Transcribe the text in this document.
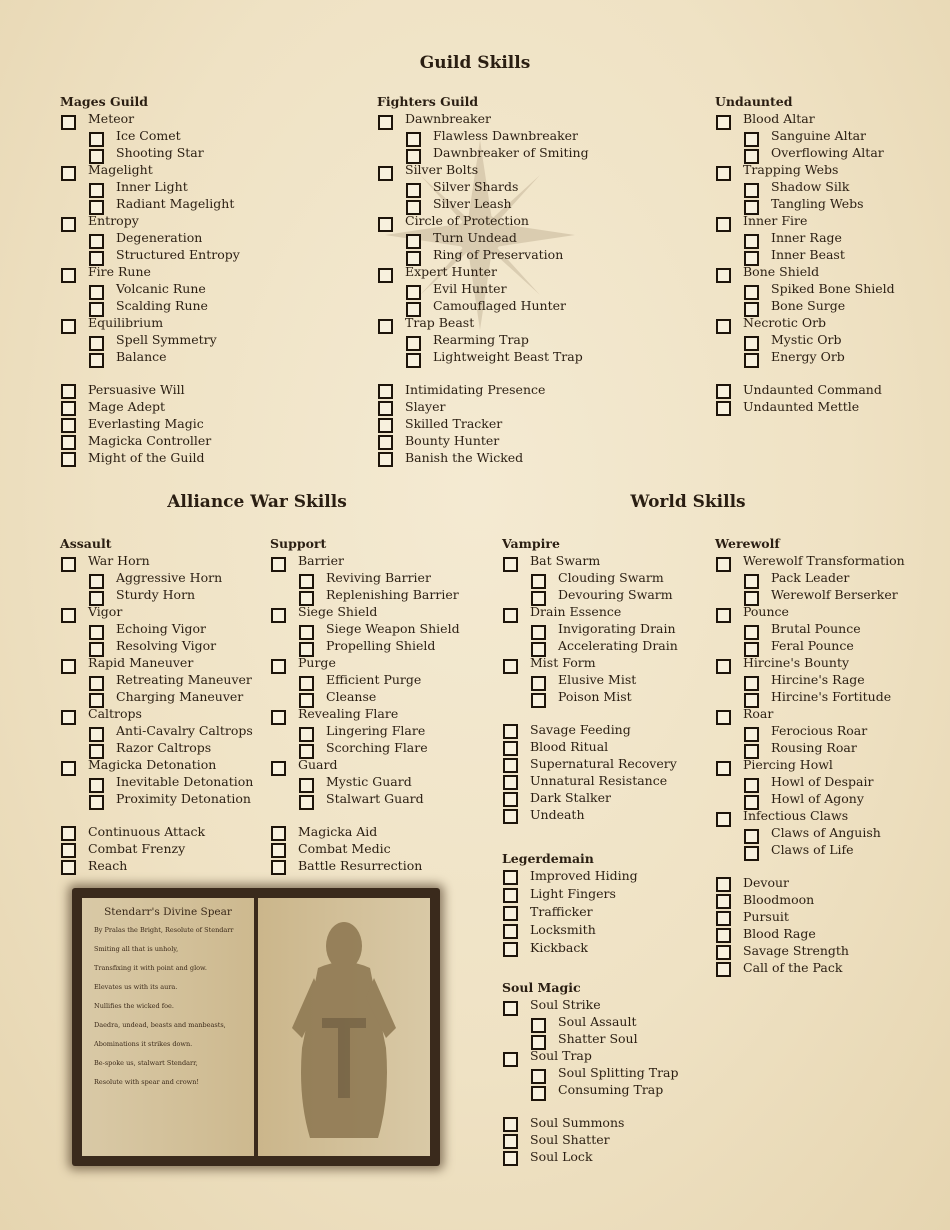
Guild Skills
Alliance War Skills	World Skills
Mages Guild
Meteor
Ice Comet
Shooting Star
Magelight
Inner Light
Radiant Magelight
Entropy
Degeneration
Structured Entropy
Fire Rune
Volcanic Rune
Scalding Rune
Equilibrium
Spell Symmetry
Balance
Persuasive Will
Mage Adept
Everlasting Magic
Magicka Controller
Might of the Guild
Fighters Guild
Dawnbreaker
Flawless Dawnbreaker
Dawnbreaker of Smiting
Silver Bolts
Silver Shards
Silver Leash
Circle of Protection
Turn Undead
Ring of Preservation
Expert Hunter
Evil Hunter
Camouflaged Hunter
Trap Beast
Rearming Trap
Lightweight Beast Trap
Intimidating Presence
Slayer
Skilled Tracker
Bounty Hunter
Banish the Wicked
Undaunted
Blood Altar
Sanguine Altar
Overflowing Altar
Trapping Webs
Shadow Silk
Tangling Webs
Inner Fire
Inner Rage
Inner Beast
Bone Shield
Spiked Bone Shield
Bone Surge
Necrotic Orb
Mystic Orb
Energy Orb
Undaunted Command
Undaunted Mettle
Assault
War Horn
Aggressive Horn
Sturdy Horn
Vigor
Echoing Vigor
Resolving Vigor
Rapid Maneuver
Retreating Maneuver
Charging Maneuver
Caltrops
Anti-Cavalry Caltrops
Razor Caltrops
Magicka Detonation
Inevitable Detonation
Proximity Detonation
Continuous Attack
Combat Frenzy
Reach
Support
Barrier
Reviving Barrier
Replenishing Barrier
Siege Shield
Siege Weapon Shield
Propelling Shield
Purge
Efficient Purge
Cleanse
Revealing Flare
Lingering Flare
Scorching Flare
Guard
Mystic Guard
Stalwart Guard
Magicka Aid
Combat Medic
Battle Resurrection
Vampire
Bat Swarm
Clouding Swarm
Devouring Swarm
Drain Essence
Invigorating Drain
Accelerating Drain
Mist Form
Elusive Mist
Poison Mist
Savage Feeding
Blood Ritual
Supernatural Recovery
Unnatural Resistance
Dark Stalker
Undeath
Legerdemain
Improved Hiding
Light Fingers
Trafficker
Locksmith
Kickback
Soul Magic
Soul Strike
Soul Assault
Shatter Soul
Soul Trap
Soul Splitting Trap
Consuming Trap
Soul Summons
Soul Shatter
Soul Lock
Werewolf
Werewolf Transformation
Pack Leader
Werewolf Berserker
Pounce
Brutal Pounce
Feral Pounce
Hircine's Bounty
Hircine's Rage
Hircine's Fortitude
Roar
Ferocious Roar
Rousing Roar
Piercing Howl
Howl of Despair
Howl of Agony
Infectious Claws
Claws of Anguish
Claws of Life
Devour
Bloodmoon
Pursuit
Blood Rage
Savage Strength
Call of the Pack
Stendarr's Divine Spear
By Pralas the Bright, Resolute of Stendarr
Smiting all that is unholy,
Transfixing it with point and glow.
Elevates us with its aura.
Nullifies the wicked foe.
Daedra, undead, beasts and manbeasts,
Abominations it strikes down.
Be-spoke us, stalwart Stendarr,
Resolute with spear and crown!
